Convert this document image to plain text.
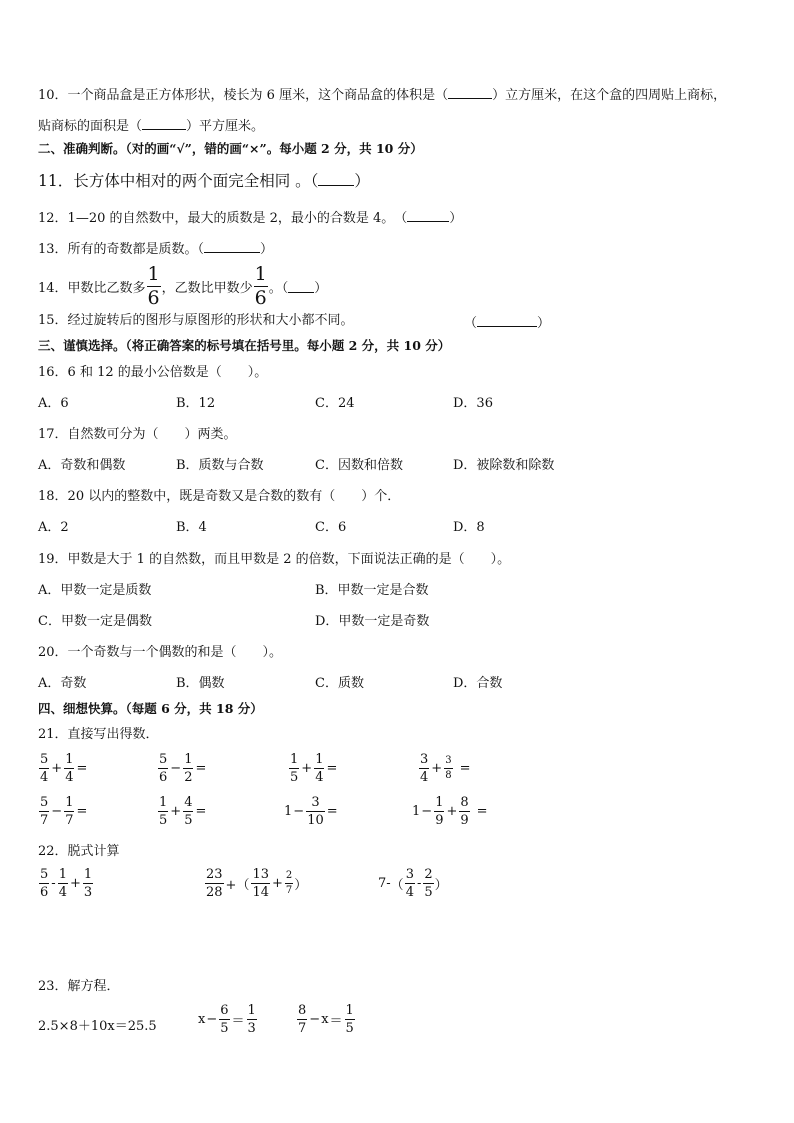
10．一个商品盒是正方体形状，棱长为 6 厘米，这个商品盒的体积是（	）立方厘米，在这个盒的四周贴上商标，
贴商标的面积是（	）平方厘米。
二、准确判断。（对的画“√”，错的画“×”。每小题 2 分，共 10 分）
11．长方体中相对的两个面完全相同 。（ ）
12．1—20 的自然数中，最大的质数是 2，最小的合数是 4。　（	）
13．所有的奇数都是质数。（	）
14．甲数比乙数多 $\frac{1}{6}$ ，乙数比甲数少 $\frac{1}{6}$ 。（ ）
15．经过旋转后的图形与原图形的形状和大小都不同。	（	）
三、谨慎选择。（将正确答案的标号填在括号里。每小题 2 分，共 10 分）
16．6 和 12 的最小公倍数是（　　）。
A．6	B．12	C．24	D．36
17．自然数可分为（　　）两类。
A．奇数和偶数	B．质数与合数	C．因数和倍数	D．被除数和除数
18．20 以内的整数中，既是奇数又是合数的数有（　　）个．
A．2	B．4	C．6	D．8
19．甲数是大于 1 的自然数，而且甲数是 2 的倍数，下面说法正确的是（　　）。
A．甲数一定是质数	B．甲数一定是合数
C．甲数一定是偶数	D．甲数一定是奇数
20．一个奇数与一个偶数的和是（　　）。
A．奇数	B．偶数	C．质数	D．合数
四、细想快算。（每题 6 分，共 18 分）
21．直接写出得数．
$\frac{5}{4} + \frac{1}{4}$ =	$\frac{5}{6} - \frac{1}{2}$ =	$\frac{1}{5} + \frac{1}{4}$ =	$\frac{3}{4} + \frac{3}{8}$ =
$\frac{5}{7} - \frac{1}{7}$ =	$\frac{1}{5} + \frac{4}{5}$ =	$1 - \frac{3}{10}$ =	$1 - \frac{1}{9} + \frac{8}{9}$ =
22．脱式计算
$\frac{5}{6} - \frac{1}{4} + \frac{1}{3}$	$\frac{23}{28}$ +（ $\frac{13}{14} + \frac{2}{7}$ ）	7- （ $\frac{3}{4} - \frac{2}{5}$ ）
23．解方程．
2.5×8＋10x＝25.5	$x - \frac{6}{5} = \frac{1}{3}$	$\frac{8}{7} - x = \frac{1}{5}$
